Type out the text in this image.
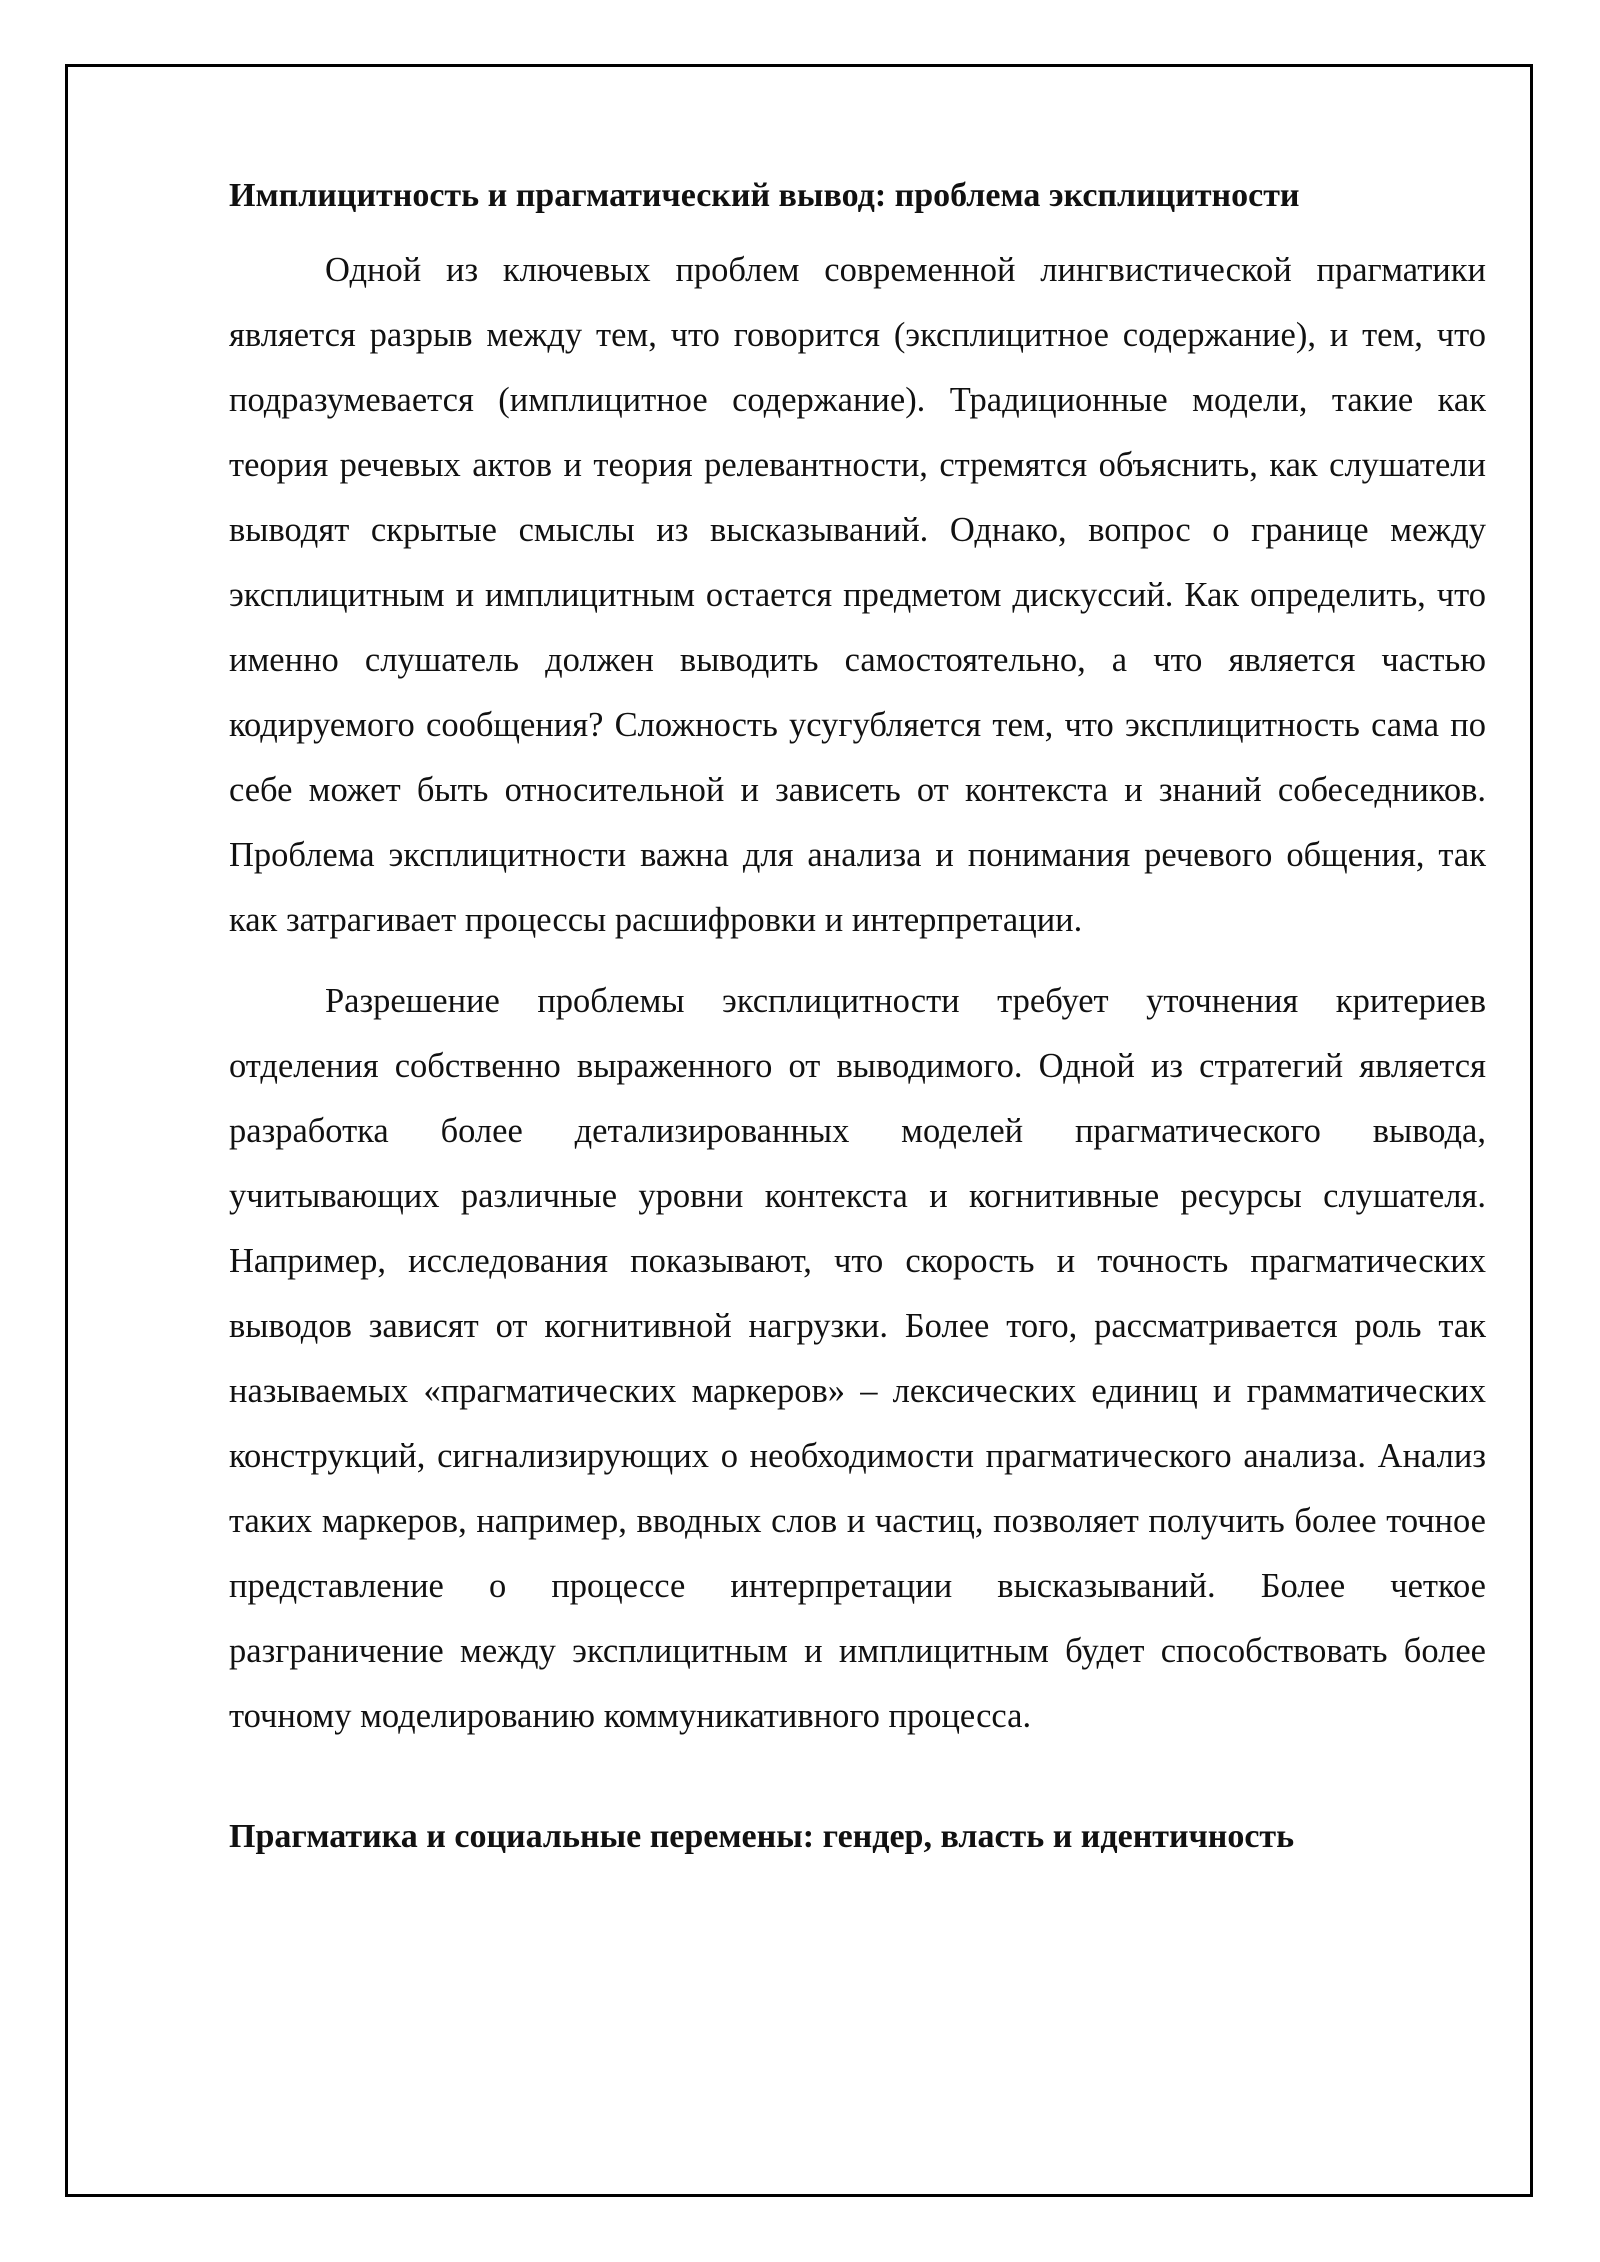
Имплицитность и прагматический вывод: проблема эксплицитности

Одной из ключевых проблем современной лингвистической прагматики является разрыв между тем, что говорится (эксплицитное содержание), и тем, что подразумевается (имплицитное содержание). Традиционные модели, такие как теория речевых актов и теория релевантности, стремятся объяснить, как слушатели выводят скрытые смыслы из высказываний. Однако, вопрос о границе между эксплицитным и имплицитным остается предметом дискуссий. Как определить, что именно слушатель должен выводить самостоятельно, а что является частью кодируемого сообщения? Сложность усугубляется тем, что эксплицитность сама по себе может быть относительной и зависеть от контекста и знаний собеседников. Проблема эксплицитности важна для анализа и понимания речевого общения, так как затрагивает процессы расшифровки и интерпретации.

Разрешение проблемы эксплицитности требует уточнения критериев отделения собственно выраженного от выводимого. Одной из стратегий является разработка более детализированных моделей прагматического вывода, учитывающих различные уровни контекста и когнитивные ресурсы слушателя. Например, исследования показывают, что скорость и точность прагматических выводов зависят от когнитивной нагрузки. Более того, рассматривается роль так называемых «прагматических маркеров» – лексических единиц и грамматических конструкций, сигнализирующих о необходимости прагматического анализа. Анализ таких маркеров, например, вводных слов и частиц, позволяет получить более точное представление о процессе интерпретации высказываний. Более четкое разграничение между эксплицитным и имплицитным будет способствовать более точному моделированию коммуникативного процесса.

Прагматика и социальные перемены: гендер, власть и идентичность
